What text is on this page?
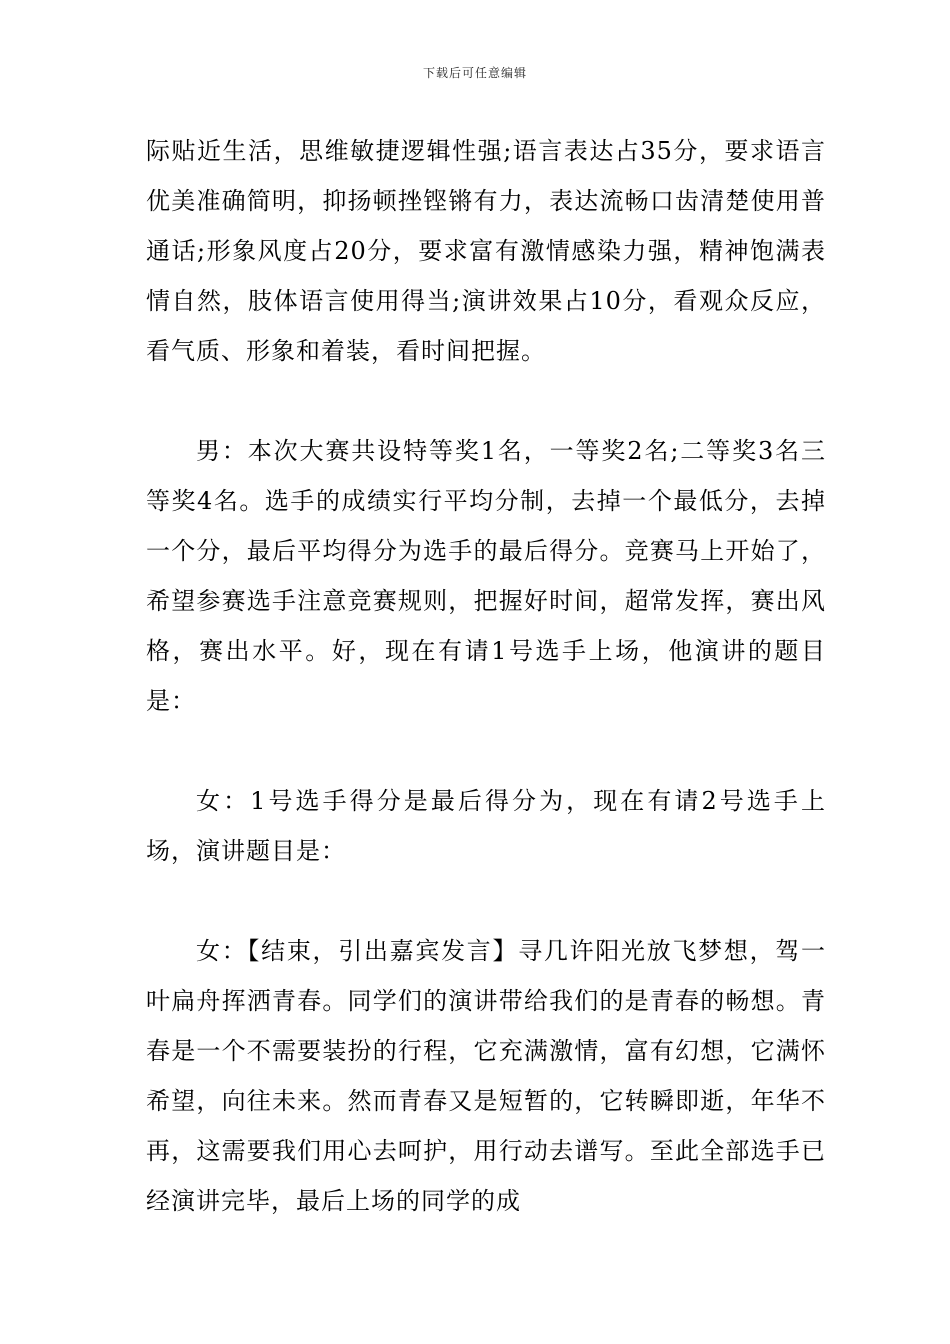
下载后可任意编辑

际贴近生活，思维敏捷逻辑性强;语言表达占35分，要求语言优美准确简明，抑扬顿挫铿锵有力，表达流畅口齿清楚使用普通话;形象风度占20分，要求富有激情感染力强，精神饱满表情自然，肢体语言使用得当;演讲效果占10分，看观众反应，看气质、形象和着装，看时间把握。

男：本次大赛共设特等奖1名，一等奖2名;二等奖3名三等奖4名。选手的成绩实行平均分制，去掉一个最低分，去掉一个分，最后平均得分为选手的最后得分。竞赛马上开始了，希望参赛选手注意竞赛规则，把握好时间，超常发挥，赛出风格，赛出水平。好，现在有请1号选手上场，他演讲的题目是：

女：1号选手得分是最后得分为，现在有请2号选手上场，演讲题目是：

女：【结束，引出嘉宾发言】寻几许阳光放飞梦想，驾一叶扁舟挥洒青春。同学们的演讲带给我们的是青春的畅想。青春是一个不需要装扮的行程，它充满激情，富有幻想，它满怀希望，向往未来。然而青春又是短暂的，它转瞬即逝，年华不再，这需要我们用心去呵护，用行动去谱写。至此全部选手已经演讲完毕，最后上场的同学的成
